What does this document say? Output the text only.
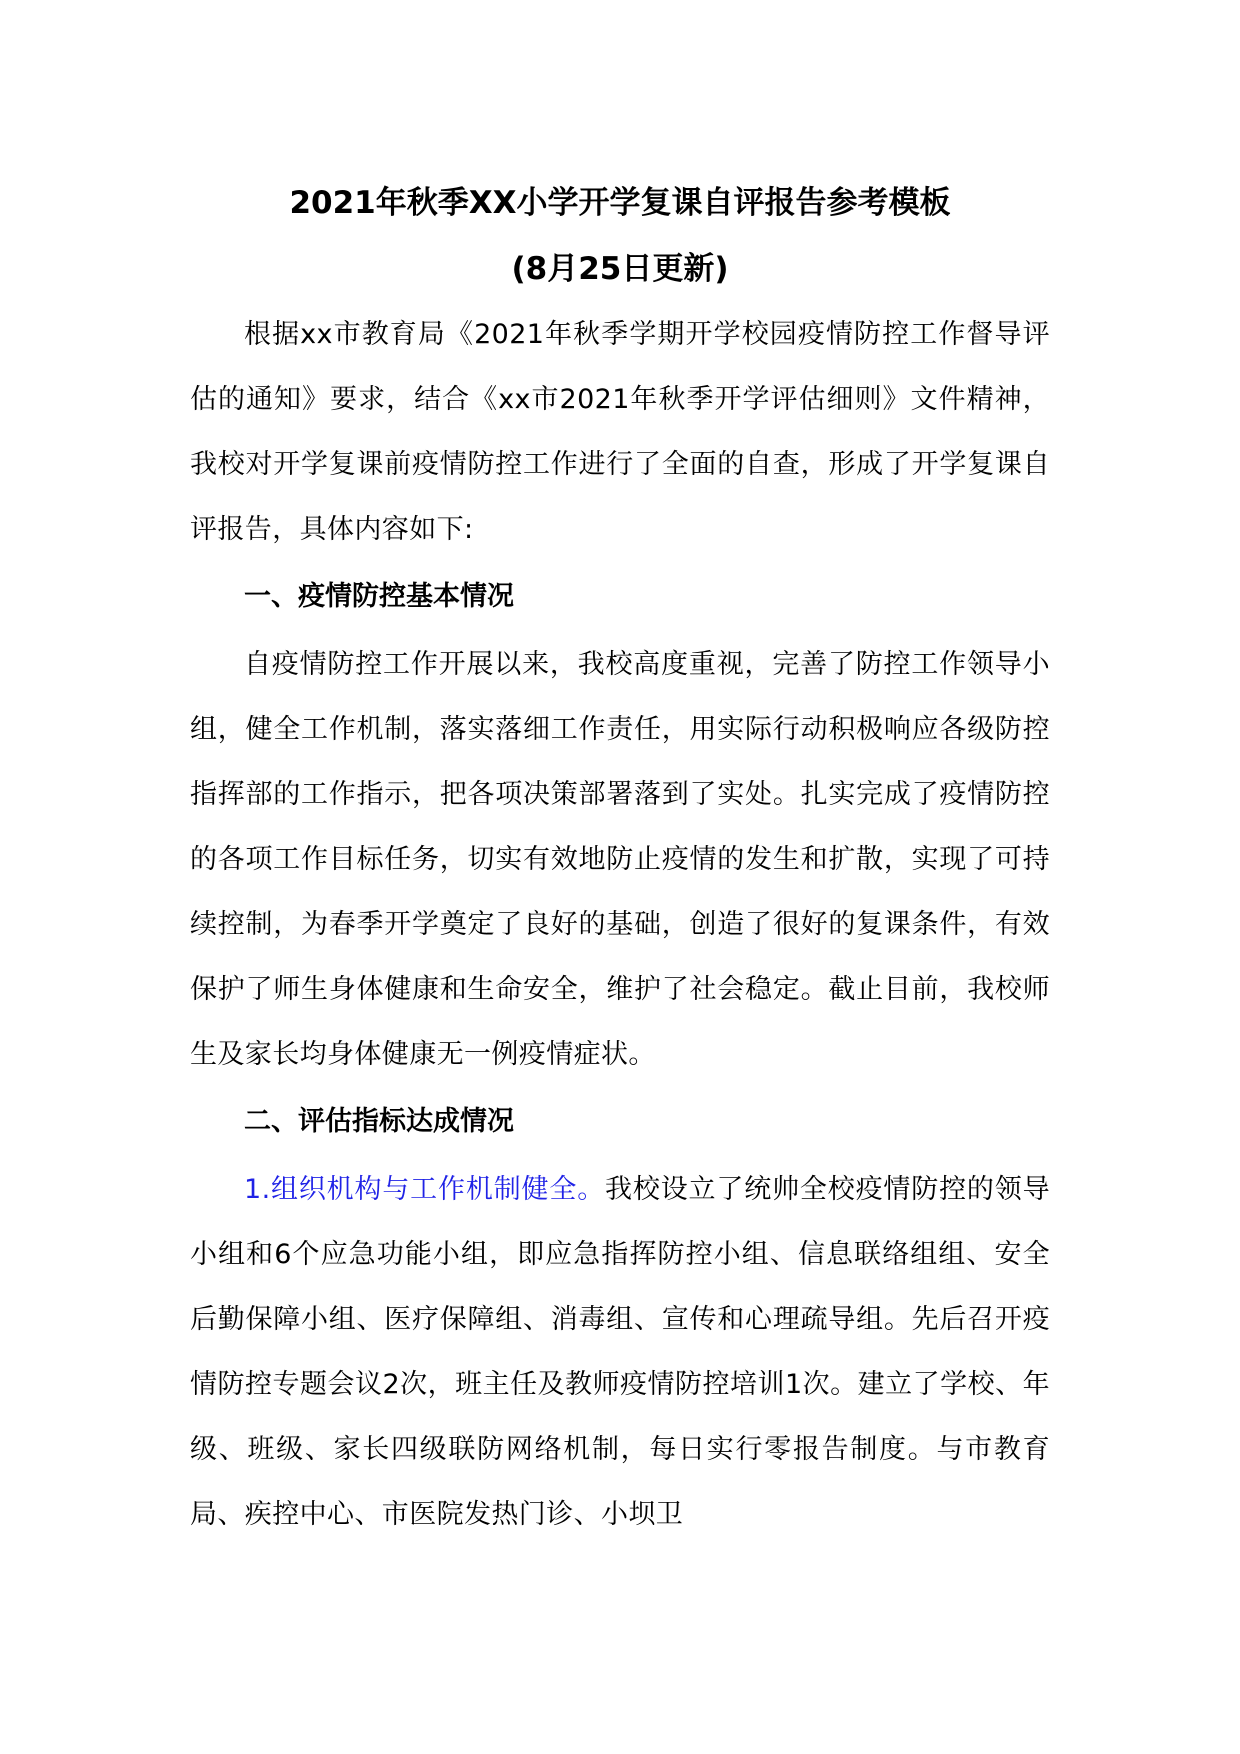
2021年秋季XX小学开学复课自评报告参考模板
(8月25日更新)

根据xx市教育局《2021年秋季学期开学校园疫情防控工作督导评估的通知》要求，结合《xx市2021年秋季开学评估细则》文件精神，我校对开学复课前疫情防控工作进行了全面的自查，形成了开学复课自评报告，具体内容如下:

一、疫情防控基本情况

自疫情防控工作开展以来，我校高度重视，完善了防控工作领导小组，健全工作机制，落实落细工作责任，用实际行动积极响应各级防控指挥部的工作指示，把各项决策部署落到了实处。扎实完成了疫情防控的各项工作目标任务，切实有效地防止疫情的发生和扩散，实现了可持续控制，为春季开学奠定了良好的基础，创造了很好的复课条件，有效保护了师生身体健康和生命安全，维护了社会稳定。截止目前，我校师生及家长均身体健康无一例疫情症状。

二、评估指标达成情况

1.组织机构与工作机制健全。我校设立了统帅全校疫情防控的领导小组和6个应急功能小组，即应急指挥防控小组、信息联络组组、安全后勤保障小组、医疗保障组、消毒组、宣传和心理疏导组。先后召开疫情防控专题会议2次，班主任及教师疫情防控培训1次。建立了学校、年级、班级、家长四级联防网络机制，每日实行零报告制度。与市教育局、疾控中心、市医院发热门诊、小坝卫
